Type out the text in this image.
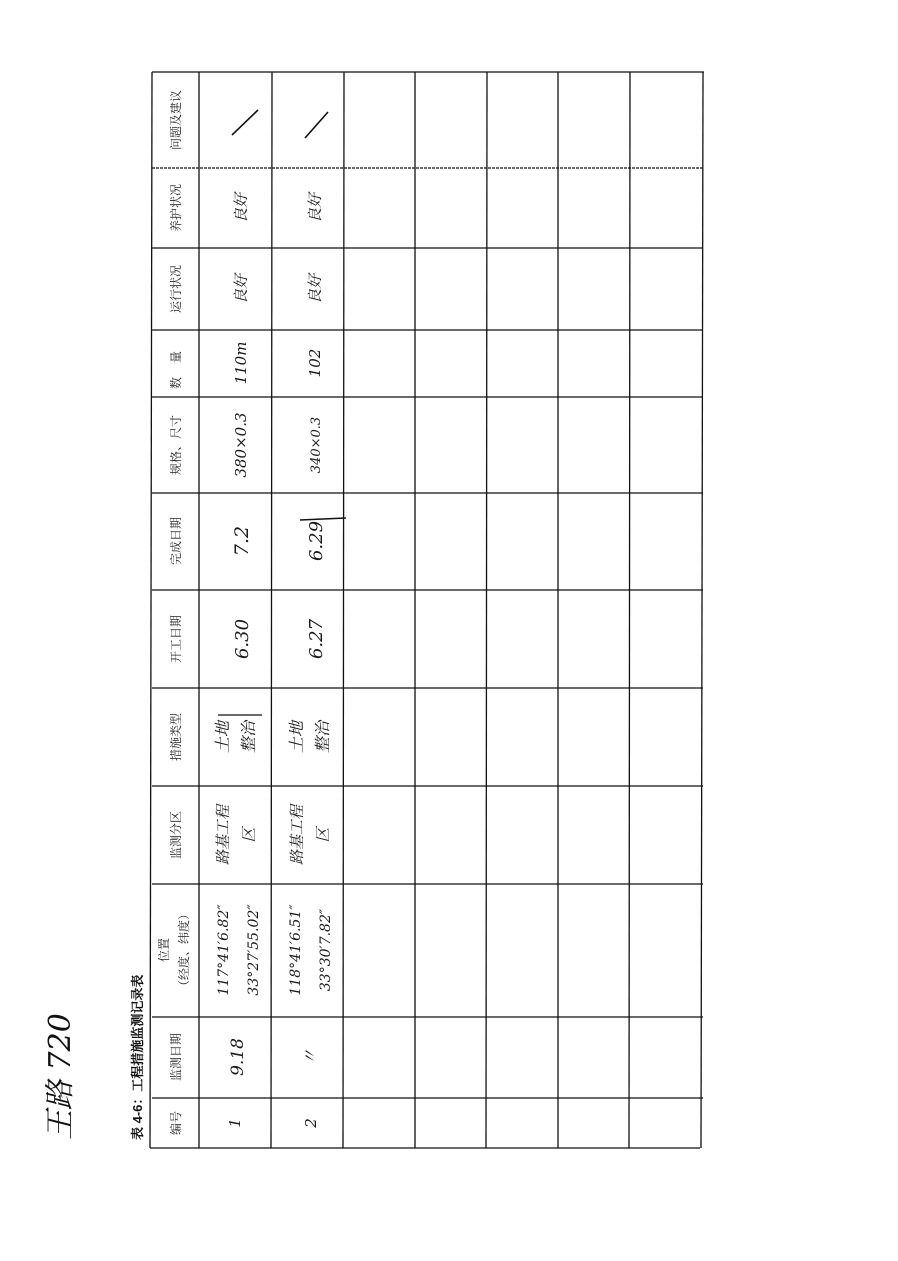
编号
监测日期
位置 （经度、纬度）
监测分区
措施类型
开工日期
完成日期
规格、尺寸
数量
运行状况
养护状况
问题及建议
表 4-6：工程措施监测记录表	1
9.18
117°41′6.82″ 33°27′55.02″
路基工程 区
土地 整治
6.30
7.2
380×0.3
110m
良好
良好
2
〃
118°41′6.51″ 33°30′7.82″
路基工程 区
土地 整治
6.27
6.29
340×0.3
102
良好
良好
王路 720
